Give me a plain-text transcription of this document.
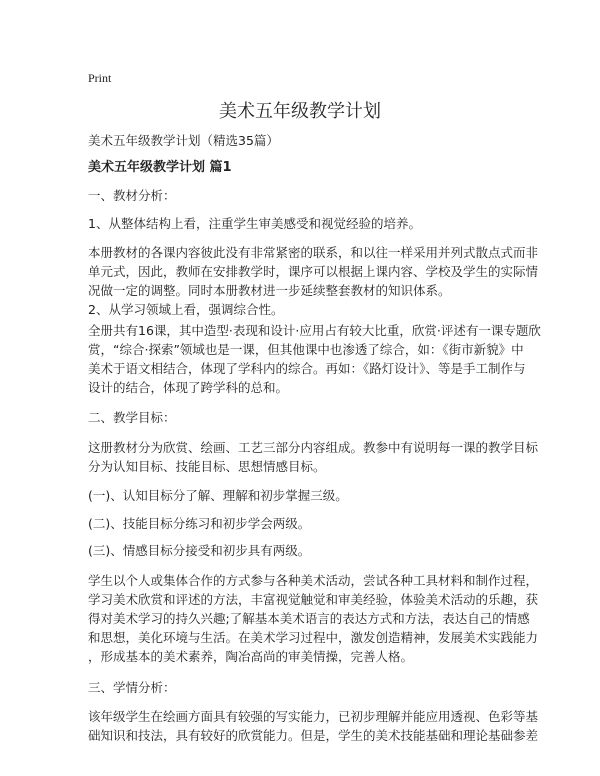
Print
美术五年级教学计划
美术五年级教学计划（精选35篇）
美术五年级教学计划 篇1
一、教材分析：
1、从整体结构上看，注重学生审美感受和视觉经验的培养。
本册教材的各课内容彼此没有非常紧密的联系，和以往一样采用并列式散点式而非
单元式，因此，教师在安排教学时，课序可以根据上课内容、学校及学生的实际情
况做一定的调整。同时本册教材进一步延续整套教材的知识体系。
2、从学习领域上看，强调综合性。
全册共有16课，其中造型·表现和设计·应用占有较大比重，欣赏·评述有一课专题欣
赏，“综合·探索”领域也是一课，但其他课中也渗透了综合，如：《街市新貌》中
美术于语文相结合，体现了学科内的综合。再如：《路灯设计》、等是手工制作与
设计的结合，体现了跨学科的总和。
二、教学目标：
这册教材分为欣赏、绘画、工艺三部分内容组成。教参中有说明每一课的教学目标
分为认知目标、技能目标、思想情感目标。
(一)、认知目标分了解、理解和初步掌握三级。
(二)、技能目标分练习和初步学会两级。
(三)、情感目标分接受和初步具有两级。
学生以个人或集体合作的方式参与各种美术活动，尝试各种工具材料和制作过程，
学习美术欣赏和评述的方法，丰富视觉触觉和审美经验，体验美术活动的乐趣，获
得对美术学习的持久兴趣;了解基本美术语言的表达方式和方法，表达自己的情感
和思想，美化环境与生活。在美术学习过程中，激发创造精神，发展美术实践能力
，形成基本的美术素养，陶冶高尚的审美情操，完善人格。
三、学情分析：
该年级学生在绘画方面具有较强的写实能力，已初步理解并能应用透视、色彩等基
础知识和技法，具有较好的欣赏能力。但是，学生的美术技能基础和理论基础参差
